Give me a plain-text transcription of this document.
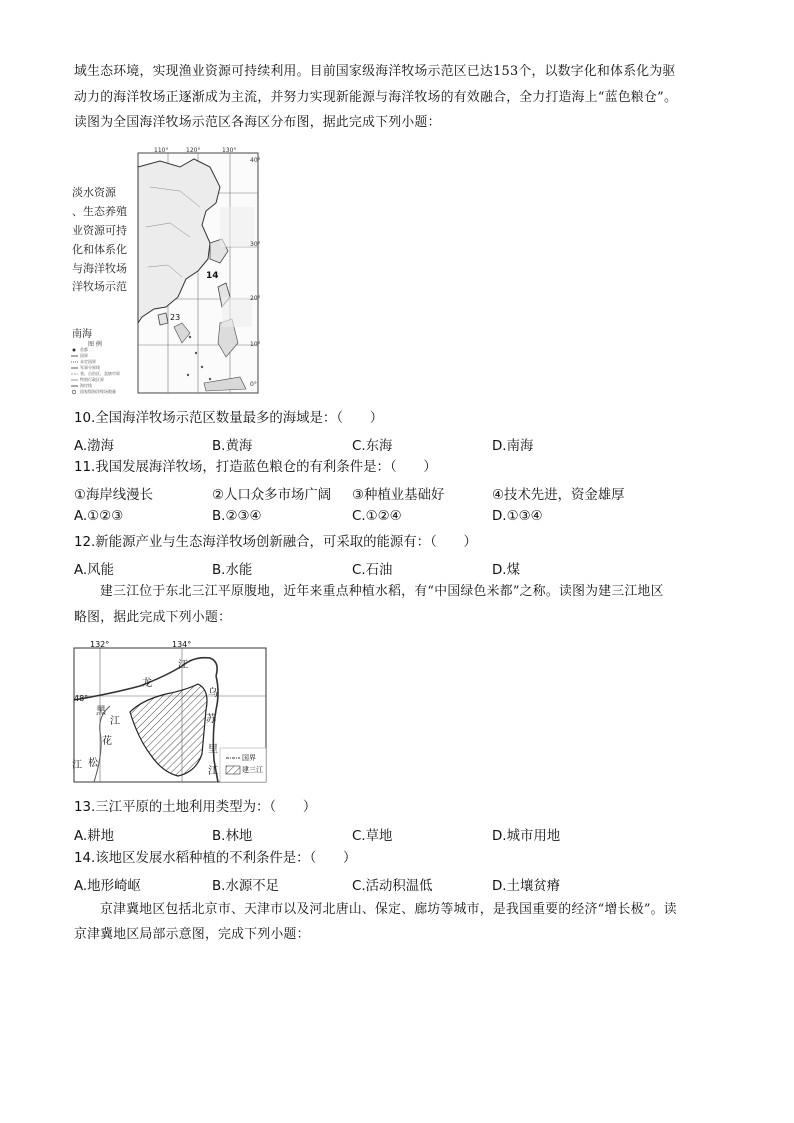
域生态环境，实现渔业资源可持续利用。目前国家级海洋牧场示范区已达153个，以数字化和体系化为驱
动力的海洋牧场正逐渐成为主流，并努力实现新能源与海洋牧场的有效融合，全力打造海上“蓝色粮仓”。
读图为全国海洋牧场示范区各海区分布图，据此完成下列小题：
110°	120°	130°
40°
30°
20°
10°
0°
淡水资源
、生态养殖
业资源可持
化和体系化
与海洋牧场
洋牧场示范
14
23
南海
图 例
首都
国界
未定国界
军事分界线
省、自治区、直辖市界
特别行政区界
海岸线
国家级海洋牧场数量
10.全国海洋牧场示范区数量最多的海域是：（　　）
A.渤海	B.黄海	C.东海	D.南海
11.我国发展海洋牧场，打造蓝色粮仓的有利条件是：（　　）
①海岸线漫长	②人口众多市场广阔 ③种植业基础好	④技术先进，资金雄厚
A.①②③	B.②③④	C.①②④	D.①③④
12.新能源产业与生态海洋牧场创新融合，可采取的能源有：（　　）
A.风能	B.水能	C.石油	D.煤
建三江位于东北三江平原腹地，近年来重点种植水稻，有“中国绿色米都”之称。读图为建三江地区
略图，据此完成下列小题：
132°	134°
48°
黑
龙
江
乌
苏
里
江
松
花
江
江
国界
建三江
13.三江平原的土地利用类型为：（　　）
A.耕地	B.林地	C.草地	D.城市用地
14.该地区发展水稻种植的不利条件是：（　　）
A.地形崎岖	B.水源不足	C.活动积温低	D.土壤贫瘠
京津冀地区包括北京市、天津市以及河北唐山、保定、廊坊等城市，是我国重要的经济“增长极”。读
京津冀地区局部示意图，完成下列小题：
